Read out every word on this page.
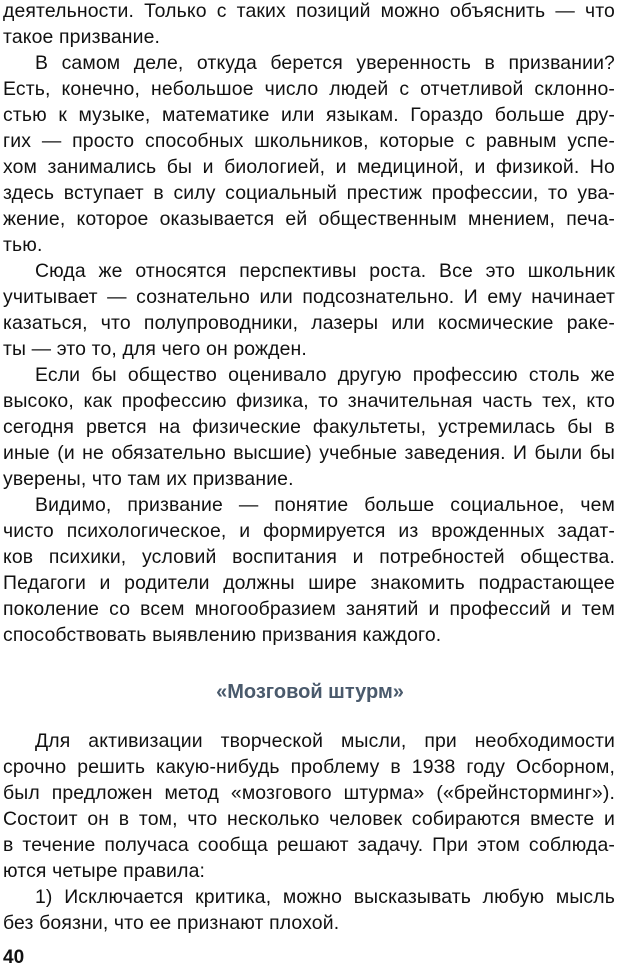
деятельности. Только с таких позиций можно объяснить — что
такое призвание.
В самом деле, откуда берется уверенность в призвании?
Есть, конечно, небольшое число людей с отчетливой склонно-
стью к музыке, математике или языкам. Гораздо больше дру-
гих — просто способных школьников, которые с равным успе-
хом занимались бы и биологией, и медициной, и физикой. Но
здесь вступает в силу социальный престиж профессии, то ува-
жение, которое оказывается ей общественным мнением, печа-
тью.
Сюда же относятся перспективы роста. Все это школьник
учитывает — сознательно или подсознательно. И ему начинает
казаться, что полупроводники, лазеры или космические раке-
ты — это то, для чего он рожден.
Если бы общество оценивало другую профессию столь же
высоко, как профессию физика, то значительная часть тех, кто
сегодня рвется на физические факультеты, устремилась бы в
иные (и не обязательно высшие) учебные заведения. И были бы
уверены, что там их призвание.
Видимо, призвание — понятие больше социальное, чем
чисто психологическое, и формируется из врожденных задат-
ков психики, условий воспитания и потребностей общества.
Педагоги и родители должны шире знакомить подрастающее
поколение со всем многообразием занятий и профессий и тем
способствовать выявлению призвания каждого.
«Мозговой штурм»
Для активизации творческой мысли, при необходимости
срочно решить какую-нибудь проблему в 1938 году Осборном,
был предложен метод «мозгового штурма» («брейнсторминг»).
Состоит он в том, что несколько человек собираются вместе и
в течение получаса сообща решают задачу. При этом соблюда-
ются четыре правила:
1) Исключается критика, можно высказывать любую мысль
без боязни, что ее признают плохой.
40
